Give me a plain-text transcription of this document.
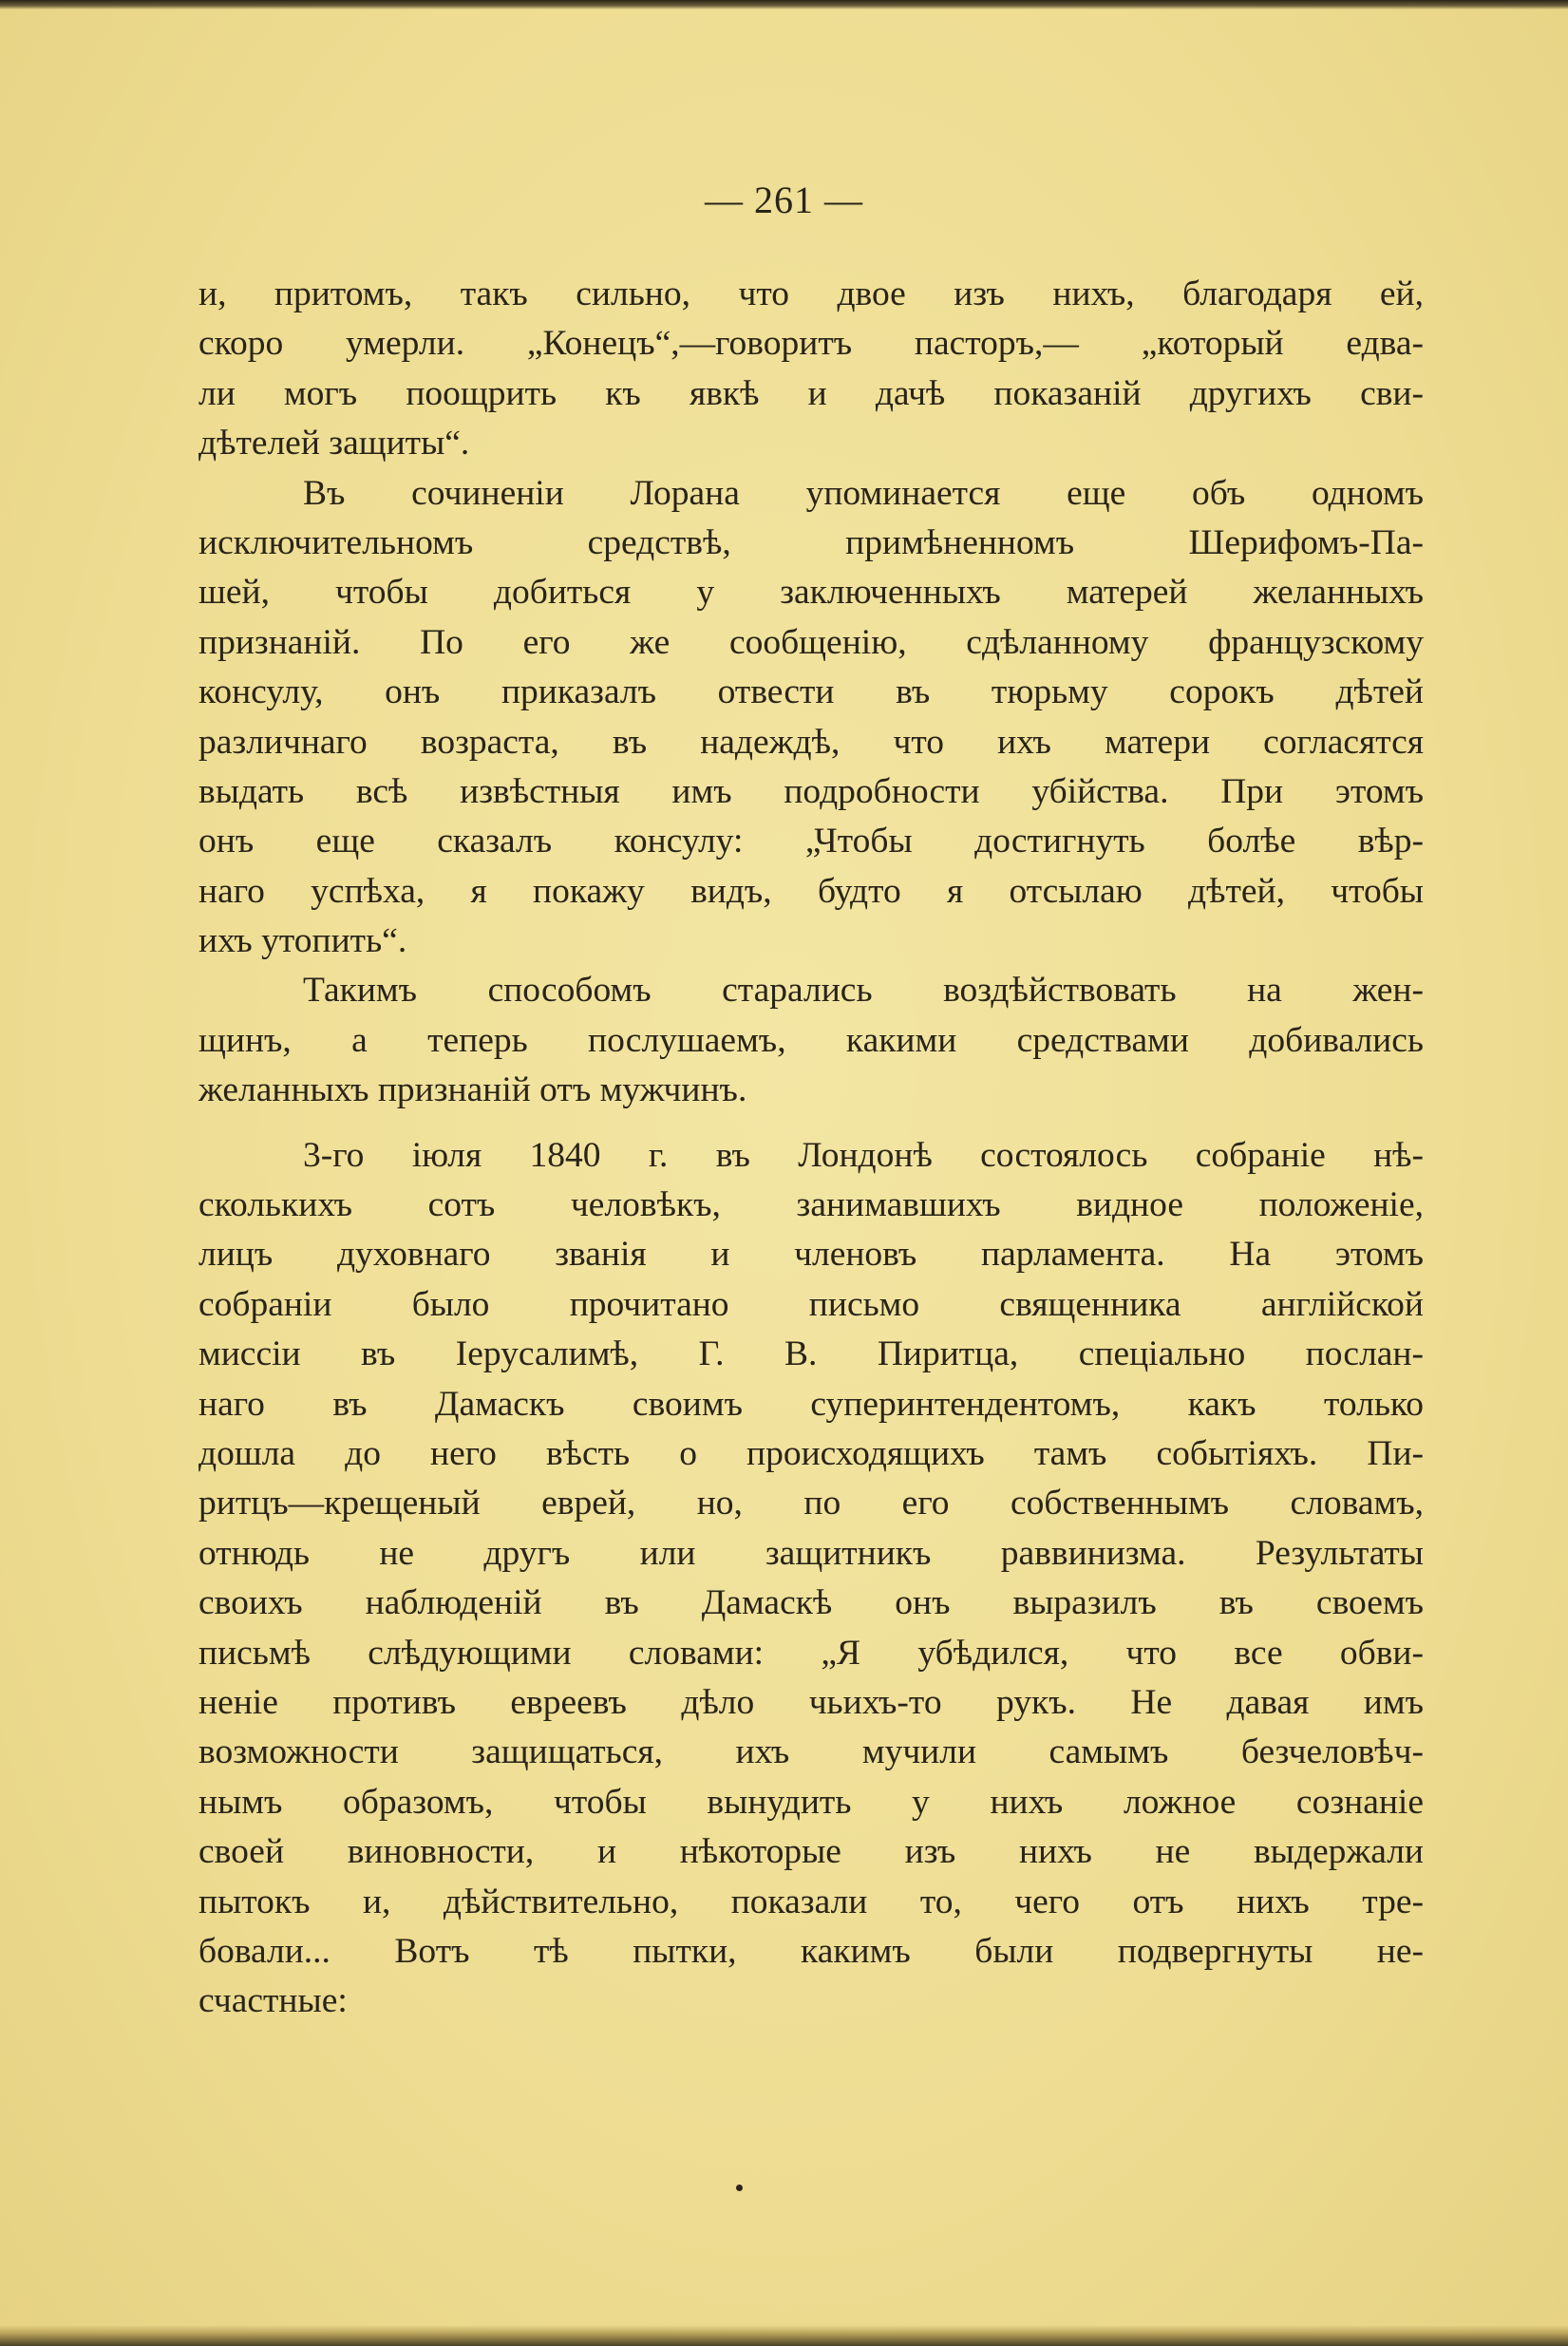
— 261 —
и, притомъ, такъ сильно, что двое изъ нихъ, благодаря ей,
скоро умерли. „Конецъ“,—говоритъ пасторъ,— „который едва-
ли могъ поощрить къ явкѣ и дачѣ показаній другихъ сви-
дѣтелей защиты“.
Въ сочиненіи Лорана упоминается еще объ одномъ
исключительномъ средствѣ, примѣненномъ Шерифомъ-Па-
шей, чтобы добиться у заключенныхъ матерей желанныхъ
признаній. По его же сообщенію, сдѣланному французскому
консулу, онъ приказалъ отвести въ тюрьму сорокъ дѣтей
различнаго возраста, въ надеждѣ, что ихъ матери согласятся
выдать всѣ извѣстныя имъ подробности убійства. При этомъ
онъ еще сказалъ консулу: „Чтобы достигнуть болѣе вѣр-
наго успѣха, я покажу видъ, будто я отсылаю дѣтей, чтобы
ихъ утопить“.
Такимъ способомъ старались воздѣйствовать на жен-
щинъ, а теперь послушаемъ, какими средствами добивались
желанныхъ признаній отъ мужчинъ.
3-го іюля 1840 г. въ Лондонѣ состоялось собраніе нѣ-
сколькихъ сотъ человѣкъ, занимавшихъ видное положеніе,
лицъ духовнаго званія и членовъ парламента. На этомъ
собраніи было прочитано письмо священника англійской
миссіи въ Іерусалимѣ, Г. В. Пиритца, спеціально послан-
наго въ Дамаскъ своимъ суперинтендентомъ, какъ только
дошла до него вѣсть о происходящихъ тамъ событіяхъ. Пи-
ритцъ—крещеный еврей, но, по его собственнымъ словамъ,
отнюдь не другъ или защитникъ раввинизма. Результаты
своихъ наблюденій въ Дамаскѣ онъ выразилъ въ своемъ
письмѣ слѣдующими словами: „Я убѣдился, что все обви-
неніе противъ евреевъ дѣло чьихъ-то рукъ. Не давая имъ
возможности защищаться, ихъ мучили самымъ безчеловѣч-
нымъ образомъ, чтобы вынудить у нихъ ложное сознаніе
своей виновности, и нѣкоторые изъ нихъ не выдержали
пытокъ и, дѣйствительно, показали то, чего отъ нихъ тре-
бовали... Вотъ тѣ пытки, какимъ были подвергнуты не-
счастные:
